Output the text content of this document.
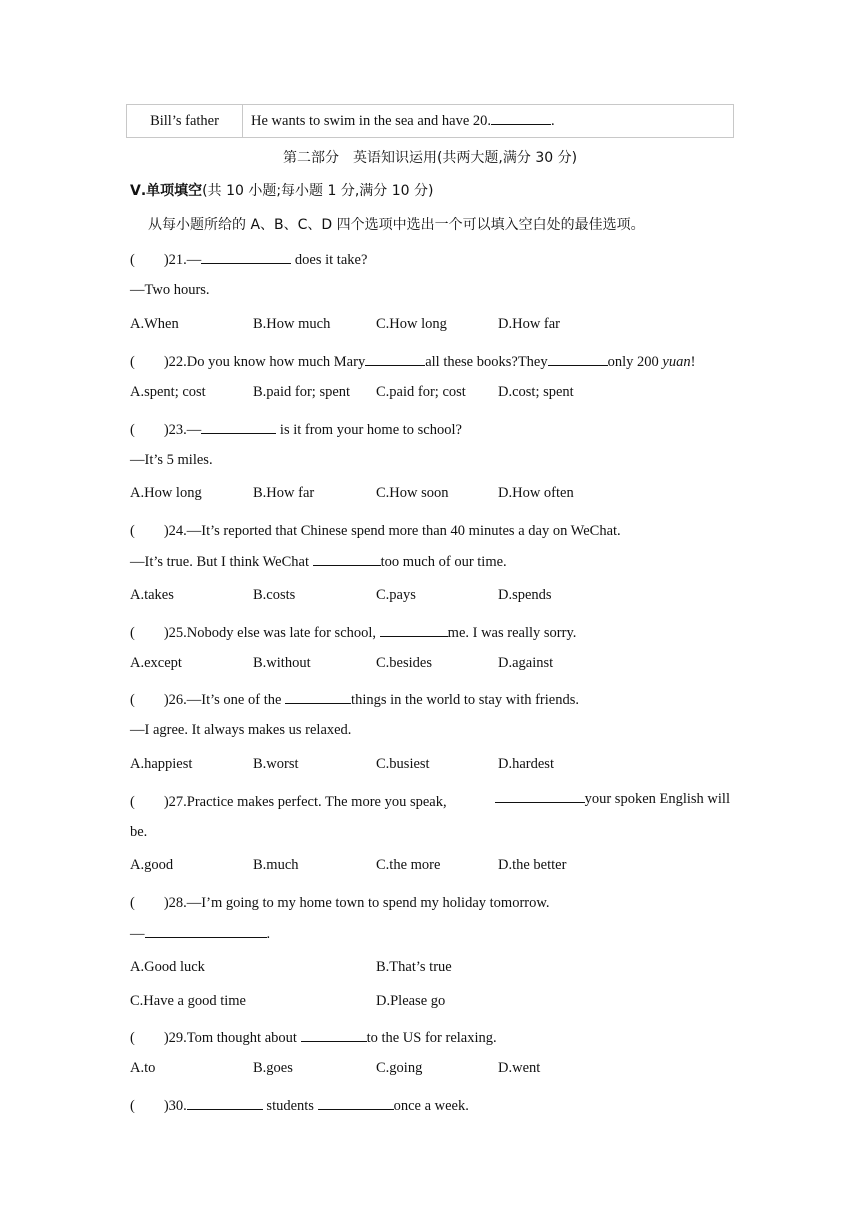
Bill’s father	He wants to swim in the sea and have 20.	.
第二部分　英语知识运用(共两大题,满分 30 分)
Ⅴ.单项填空(共 10 小题;每小题 1 分,满分 10 分)
从每小题所给的 A、B、C、D 四个选项中选出一个可以填入空白处的最佳选项。
(　　)21.—	does it take?
—Two hours.
A.When	B.How much	C.How long	D.How far
(　　)22.Do you know how much Mary	all these books?They	only 200 yuan!
A.spent; cost	B.paid for; spent C.paid for; cost D.cost; spent
(　　)23.—	is it from your home to school?
—It’s 5 miles.
A.How long	B.How far	C.How soon	D.How often
(　　)24.—It’s reported that Chinese spend more than 40 minutes a day on WeChat.
—It’s true. But I think WeChat	too much of our time.
A.takes	B.costs	C.pays	D.spends
(　　)25.Nobody else was late for school,	me. I was really sorry.
A.except	B.without	C.besides	D.against
(　　)26.—It’s one of the	things in the world to stay with friends.
—I agree. It always makes us relaxed.
A.happiest	B.worst	C.busiest	D.hardest
(　　)27.Practice makes perfect. The more you speak,	your spoken English will
be.
A.good	B.much	C.the more	D.the better
(　　)28.—I’m going to my home town to spend my holiday tomorrow.
—	.
A.Good luck	B.That’s true
C.Have a good time	D.Please go
(　　)29.Tom thought about	to the US for relaxing.
A.to	B.goes	C.going	D.went
(　　)30.	students	once a week.
